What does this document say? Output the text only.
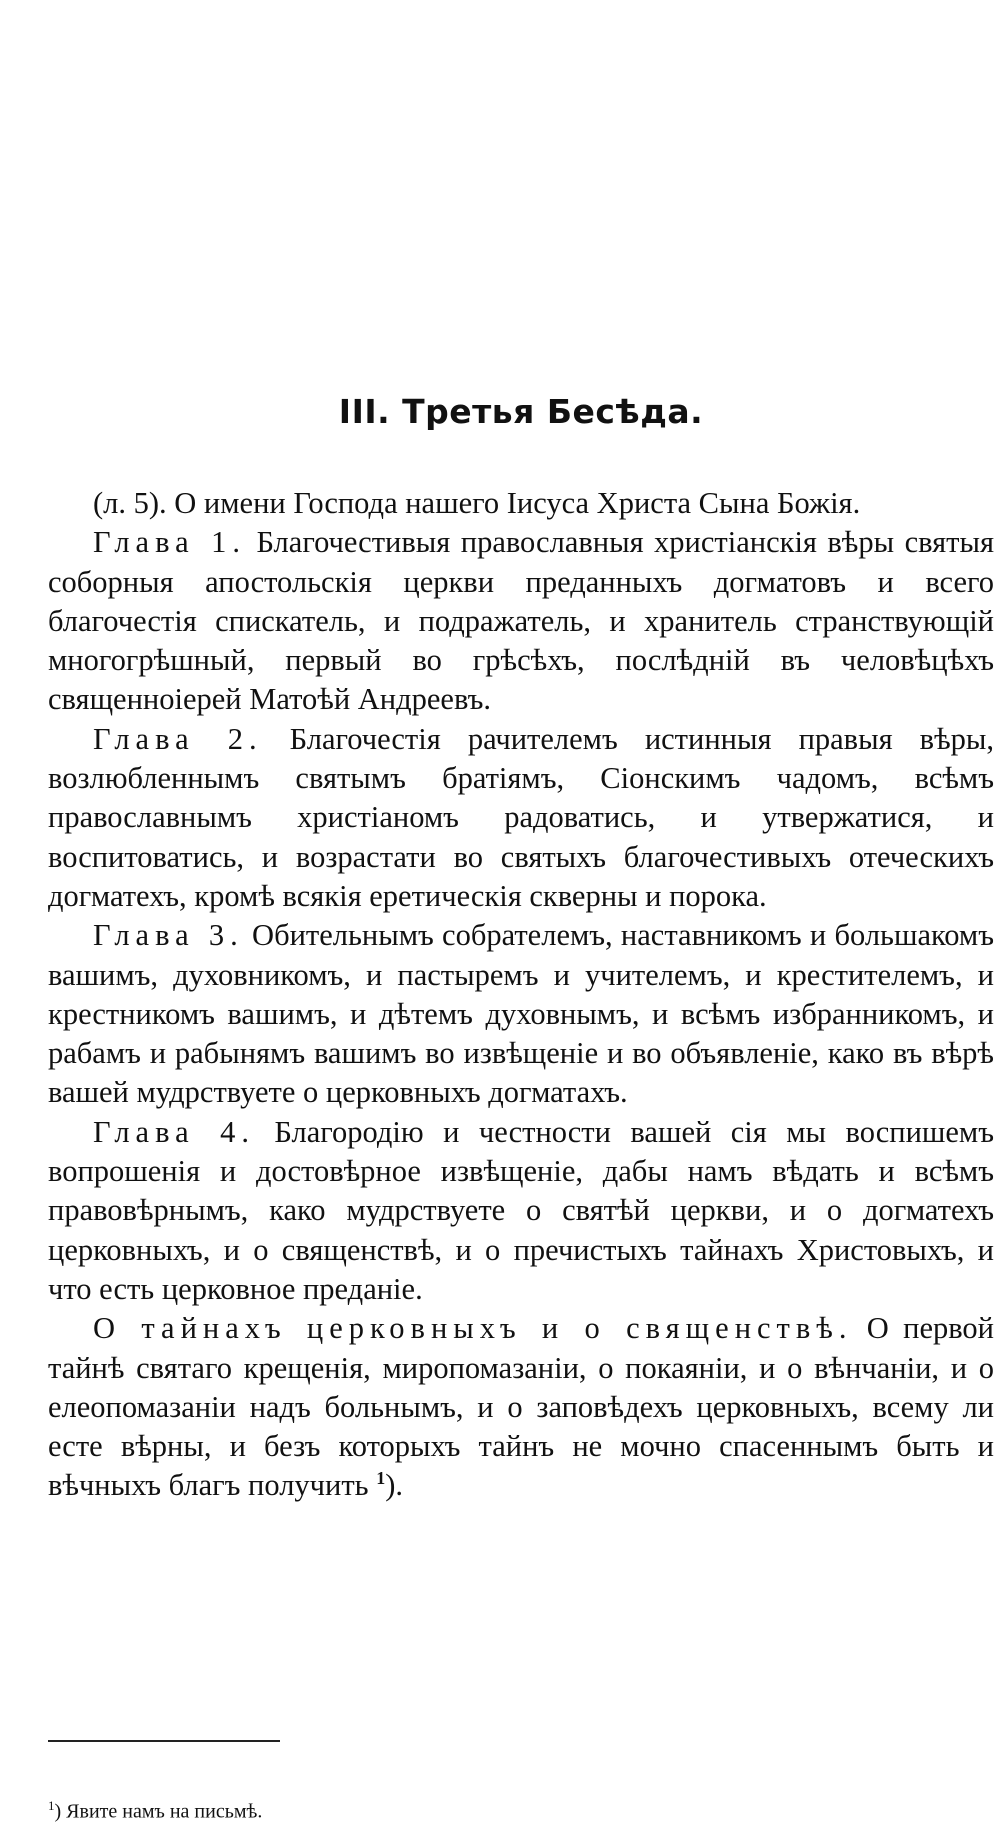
III. Третья Бесѣда.

(л. 5). О имени Господа нашего Іисуса Христа Сына Божія.

Глава 1. Благочестивыя православныя христіанскія вѣры святыя соборныя апостольскія церкви преданныхъ догматовъ и всего благочестія спискатель, и подражатель, и хранитель странствующій многогрѣшный, первый во грѣсѣхъ, послѣдній въ человѣцѣхъ священноіерей Матоѣй Андреевъ.

Глава 2. Благочестія рачителемъ истинныя правыя вѣры, возлюбленнымъ святымъ братіямъ, Сіонскимъ чадомъ, всѣмъ православнымъ христіаномъ радоватись, и утвержатися, и воспитоватись, и возрастати во святыхъ благочестивыхъ отеческихъ догматехъ, кромѣ всякія еретическія скверны и порока.

Глава 3. Обительнымъ собрателемъ, наставникомъ и большакомъ вашимъ, духовникомъ, и пастыремъ и учителемъ, и крестителемъ, и крестникомъ вашимъ, и дѣтемъ духовнымъ, и всѣмъ избранникомъ, и рабамъ и рабынямъ вашимъ во извѣщеніе и во объявленіе, како въ вѣрѣ вашей мудрствуете о церковныхъ догматахъ.

Глава 4. Благородію и честности вашей сія мы воспишемъ вопрошенія и достовѣрное извѣщеніе, дабы намъ вѣдать и всѣмъ правовѣрнымъ, како мудрствуете о святѣй церкви, и о догматехъ церковныхъ, и о священствѣ, и о пречистыхъ тайнахъ Христовыхъ, и что есть церковное преданіе.

О тайнахъ церковныхъ и о священствѣ. О первой тайнѣ святаго крещенія, миропомазаніи, о покаяніи, и о вѣнчаніи, и о елеопомазаніи надъ больнымъ, и о заповѣдехъ церковныхъ, всему ли есте вѣрны, и безъ которыхъ тайнъ не мочно спасеннымъ быть и вѣчныхъ благъ получить $^1$).

$^1$) Явите намъ на письмѣ.
